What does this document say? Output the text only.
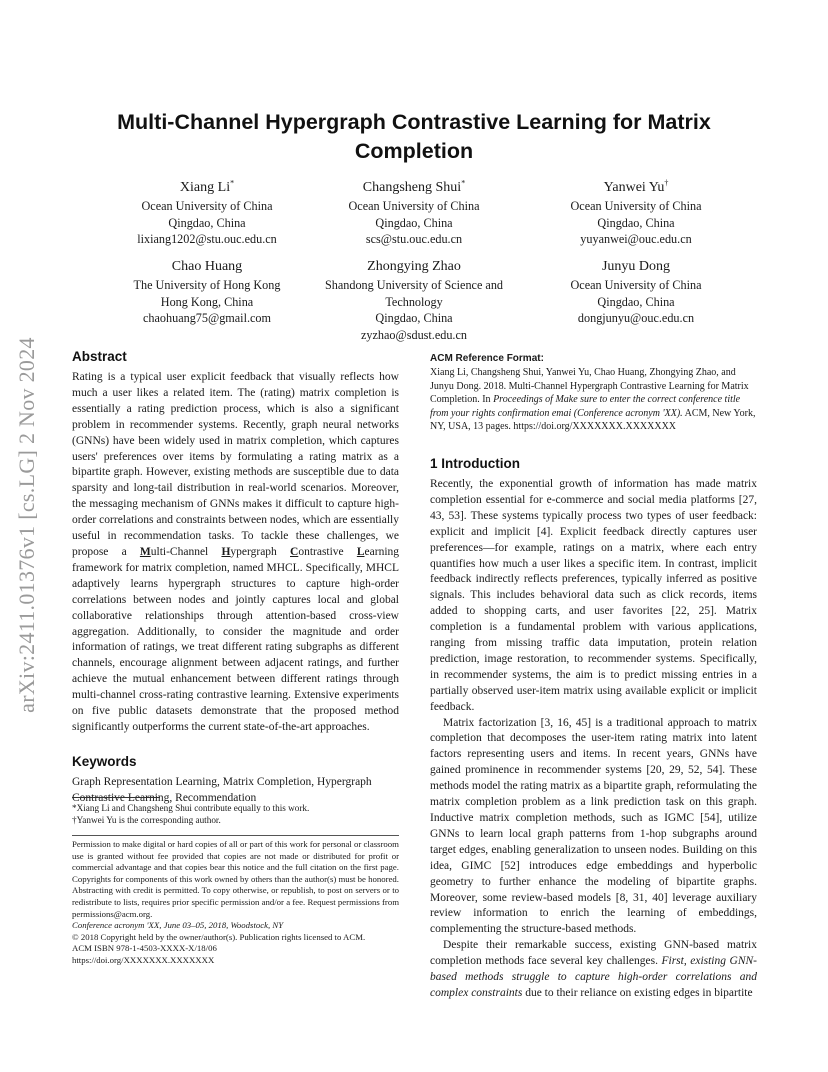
arXiv:2411.01376v1 [cs.LG] 2 Nov 2024
Multi-Channel Hypergraph Contrastive Learning for Matrix Completion
Xiang Li*
Ocean University of China
Qingdao, China
lixiang1202@stu.ouc.edu.cn
Changsheng Shui*
Ocean University of China
Qingdao, China
scs@stu.ouc.edu.cn
Yanwei Yu†
Ocean University of China
Qingdao, China
yuyanwei@ouc.edu.cn
Chao Huang
The University of Hong Kong
Hong Kong, China
chaohuang75@gmail.com
Zhongying Zhao
Shandong University of Science and Technology
Qingdao, China
zyzhao@sdust.edu.cn
Junyu Dong
Ocean University of China
Qingdao, China
dongjunyu@ouc.edu.cn
Abstract

Rating is a typical user explicit feedback that visually reflects how much a user likes a related item. The (rating) matrix completion is essentially a rating prediction process, which is also a significant problem in recommender systems. Recently, graph neural networks (GNNs) have been widely used in matrix completion, which captures users' preferences over items by formulating a rating matrix as a bipartite graph. However, existing methods are susceptible due to data sparsity and long-tail distribution in real-world scenarios. Moreover, the messaging mechanism of GNNs makes it difficult to capture high-order correlations and constraints between nodes, which are essentially useful in recommendation tasks. To tackle these challenges, we propose a Multi-Channel Hypergraph Contrastive Learning framework for matrix completion, named MHCL. Specifically, MHCL adaptively learns hypergraph structures to capture high-order correlations between nodes and jointly captures local and global collaborative relationships through attention-based cross-view aggregation. Additionally, to consider the magnitude and order information of ratings, we treat different rating subgraphs as different channels, encourage alignment between adjacent ratings, and further achieve the mutual enhancement between different ratings through multi-channel cross-rating contrastive learning. Extensive experiments on five public datasets demonstrate that the proposed method significantly outperforms the current state-of-the-art approaches.

Keywords

Graph Representation Learning, Matrix Completion, Hypergraph Contrastive Learning, Recommendation

*Xiang Li and Changsheng Shui contribute equally to this work.

†Yanwei Yu is the corresponding author.

Permission to make digital or hard copies of all or part of this work for personal or classroom use is granted without fee provided that copies are not made or distributed for profit or commercial advantage and that copies bear this notice and the full citation on the first page. Copyrights for components of this work owned by others than the author(s) must be honored. Abstracting with credit is permitted. To copy otherwise, or republish, to post on servers or to redistribute to lists, requires prior specific permission and/or a fee. Request permissions from permissions@acm.org.

Conference acronym 'XX, June 03–05, 2018, Woodstock, NY

© 2018 Copyright held by the owner/author(s). Publication rights licensed to ACM.

ACM ISBN 978-1-4503-XXXX-X/18/06

https://doi.org/XXXXXXX.XXXXXXX

ACM Reference Format:

Xiang Li, Changsheng Shui, Yanwei Yu, Chao Huang, Zhongying Zhao, and Junyu Dong. 2018. Multi-Channel Hypergraph Contrastive Learning for Matrix Completion. In Proceedings of Make sure to enter the correct conference title from your rights confirmation emai (Conference acronym 'XX). ACM, New York, NY, USA, 13 pages. https://doi.org/XXXXXXX.XXXXXXX

1 Introduction

Recently, the exponential growth of information has made matrix completion essential for e-commerce and social media platforms [27, 43, 53]. These systems typically process two types of user feedback: explicit and implicit [4]. Explicit feedback directly captures user preferences—for example, ratings on a matrix, where each entry quantifies how much a user likes a specific item. In contrast, implicit feedback indirectly reflects preferences, typically inferred as positive signals. This includes behavioral data such as click records, items added to shopping carts, and user favorites [22, 25]. Matrix completion is a fundamental problem with various applications, ranging from missing traffic data imputation, protein relation prediction, image restoration, to recommender systems. Specifically, in recommender systems, the aim is to predict missing entries in a partially observed user-item matrix using available explicit or implicit feedback.

Matrix factorization [3, 16, 45] is a traditional approach to matrix completion that decomposes the user-item rating matrix into latent factors representing users and items. In recent years, GNNs have gained prominence in recommender systems [20, 29, 52, 54]. These methods model the rating matrix as a bipartite graph, reformulating the matrix completion problem as a link prediction task on this graph. Inductive matrix completion methods, such as IGMC [54], utilize GNNs to learn local graph patterns from 1-hop subgraphs around target edges, enabling generalization to unseen nodes. Building on this idea, GIMC [52] introduces edge embeddings and hyperbolic geometry to further enhance the modeling of bipartite graphs. Moreover, some review-based models [8, 31, 40] leverage auxiliary review information to enrich the learning of embeddings, complementing the structure-based methods.

Despite their remarkable success, existing GNN-based matrix completion methods face several key challenges. First, existing GNN-based methods struggle to capture high-order correlations and complex constraints due to their reliance on existing edges in bipartite
